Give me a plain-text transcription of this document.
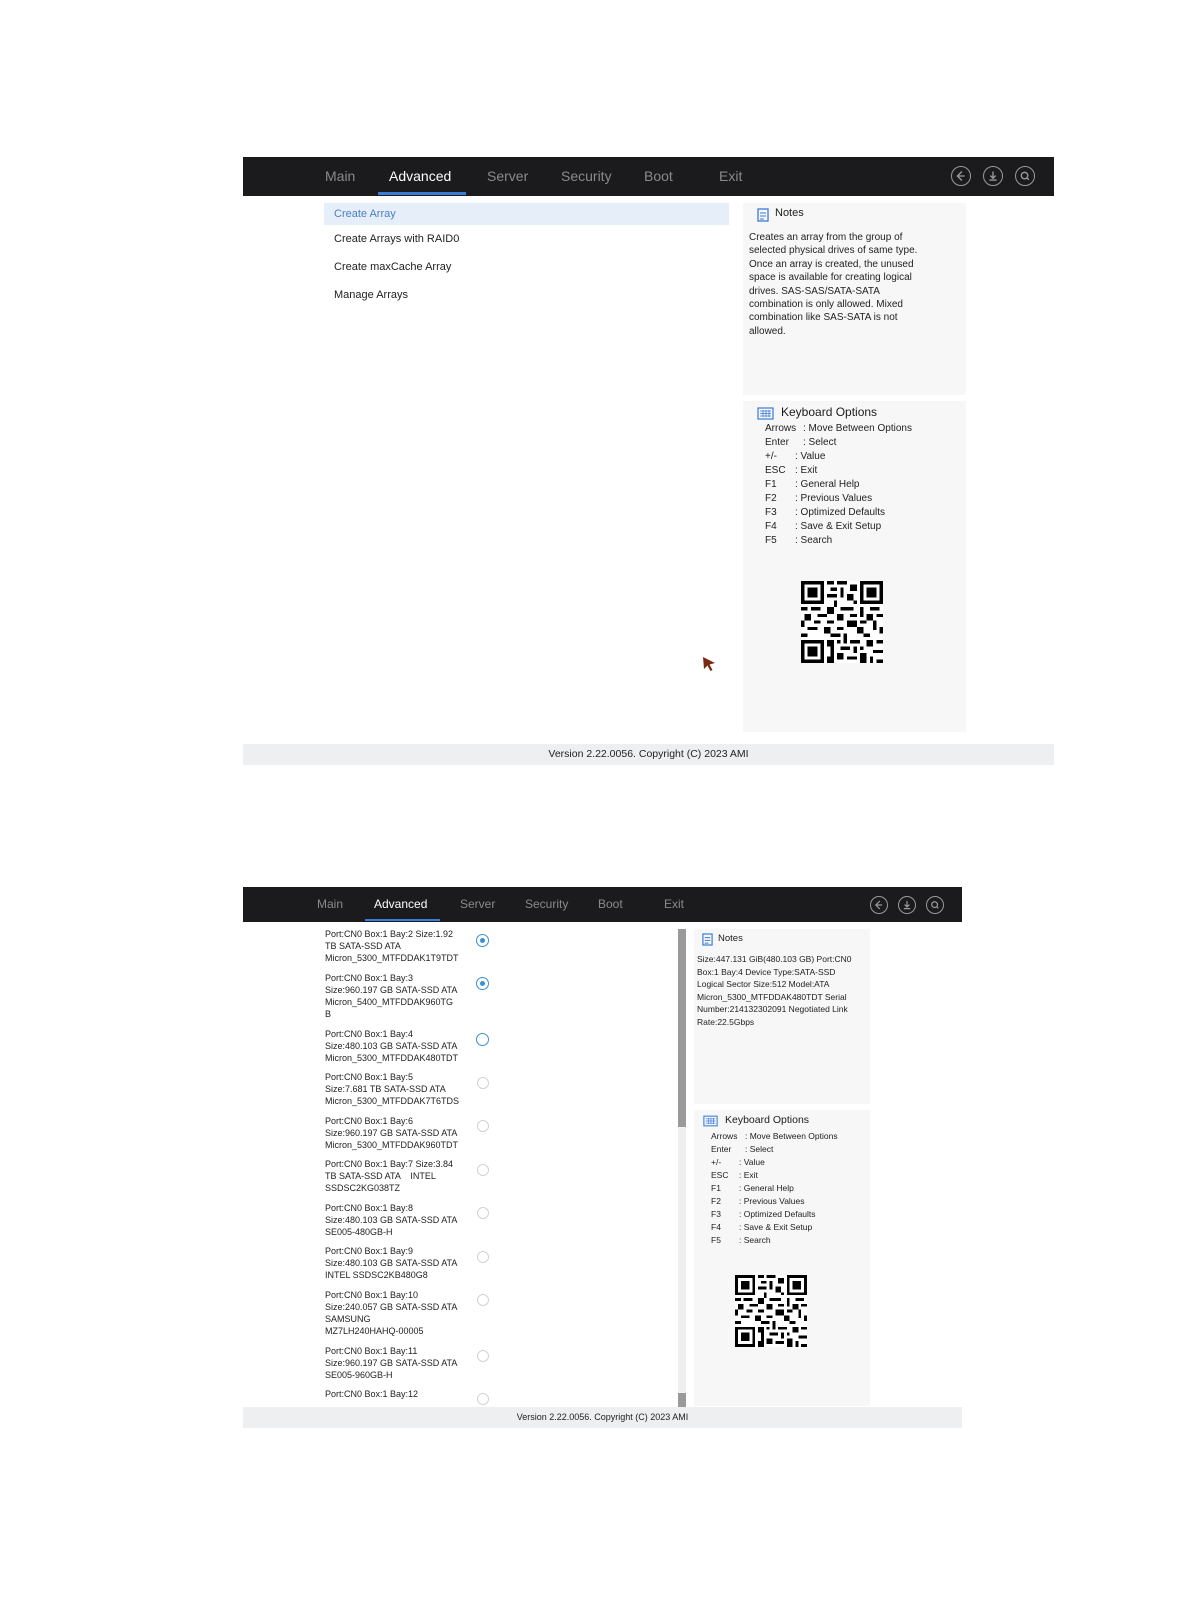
Main Advanced	Server Security Boot	Exit
Create Array
Create Arrays with RAID0
Create maxCache Array
Manage Arrays
Notes
Creates an array from the group of
selected physical drives of same type.
Once an array is created, the unused
space is available for creating logical
drives. SAS-SAS/SATA-SATA
combination is only allowed. Mixed
combination like SAS-SATA is not
allowed.
Keyboard Options
Arrows : Move Between Options
Enter : Select
+/- : Value
ESC : Exit
F1 : General Help
F2 : Previous Values
F3 : Optimized Defaults
F4 : Save & Exit Setup
F5 : Search
Version 2.22.0056. Copyright (C) 2023 AMI
Main	Advanced	Server Security Boot	Exit
Port:CN0 Box:1 Bay:2 Size:1.92
TB SATA-SSD ATA
Micron_5300_MTFDDAK1T9TDT
Port:CN0 Box:1 Bay:3
Size:960.197 GB SATA-SSD ATA
Micron_5400_MTFDDAK960TG
B
Port:CN0 Box:1 Bay:4
Size:480.103 GB SATA-SSD ATA
Micron_5300_MTFDDAK480TDT
Port:CN0 Box:1 Bay:5
Size:7.681 TB SATA-SSD ATA
Micron_5300_MTFDDAK7T6TDS
Port:CN0 Box:1 Bay:6
Size:960.197 GB SATA-SSD ATA
Micron_5300_MTFDDAK960TDT
Port:CN0 Box:1 Bay:7 Size:3.84
TB SATA-SSD ATA    INTEL
SSDSC2KG038TZ
Port:CN0 Box:1 Bay:8
Size:480.103 GB SATA-SSD ATA
SE005-480GB-H
Port:CN0 Box:1 Bay:9
Size:480.103 GB SATA-SSD ATA
INTEL SSDSC2KB480G8
Port:CN0 Box:1 Bay:10
Size:240.057 GB SATA-SSD ATA
SAMSUNG
MZ7LH240HAHQ-00005
Port:CN0 Box:1 Bay:11
Size:960.197 GB SATA-SSD ATA
SE005-960GB-H
Port:CN0 Box:1 Bay:12
Notes
Size:447.131 GiB(480.103 GB) Port:CN0
Box:1 Bay:4 Device Type:SATA-SSD
Logical Sector Size:512 Model:ATA
Micron_5300_MTFDDAK480TDT Serial
Number:214132302091 Negotiated Link
Rate:22.5Gbps
Keyboard Options
Arrows : Move Between Options
Enter : Select
+/- : Value
ESC : Exit
F1 : General Help
F2 : Previous Values
F3 : Optimized Defaults
F4 : Save & Exit Setup
F5 : Search
Version 2.22.0056. Copyright (C) 2023 AMI
